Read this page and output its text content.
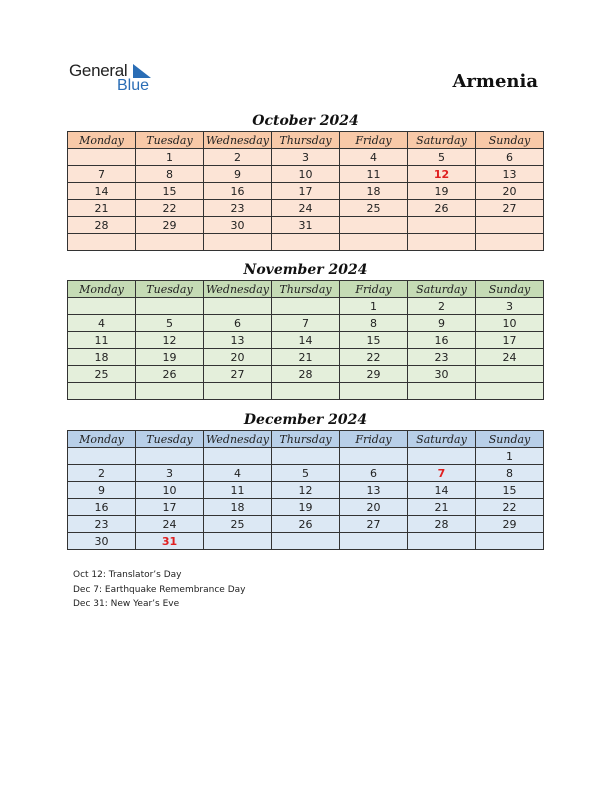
General
Blue	Armenia
October 2024
Monday	Tuesday	Wednesday	Thursday	Friday	Saturday	Sunday
	1	2	3	4	5	6
7	8	9	10	11	12	13
14	15	16	17	18	19	20
21	22	23	24	25	26	27
28	29	30	31			

November 2024
Monday	Tuesday	Wednesday	Thursday	Friday	Saturday	Sunday
				1	2	3
4	5	6	7	8	9	10
11	12	13	14	15	16	17
18	19	20	21	22	23	24
25	26	27	28	29	30	

December 2024
Monday	Tuesday	Wednesday	Thursday	Friday	Saturday	Sunday
						1
2	3	4	5	6	7	8
9	10	11	12	13	14	15
16	17	18	19	20	21	22
23	24	25	26	27	28	29
30	31					
Oct 12: Translator’s Day
Dec 7: Earthquake Remembrance Day
Dec 31: New Year’s Eve
